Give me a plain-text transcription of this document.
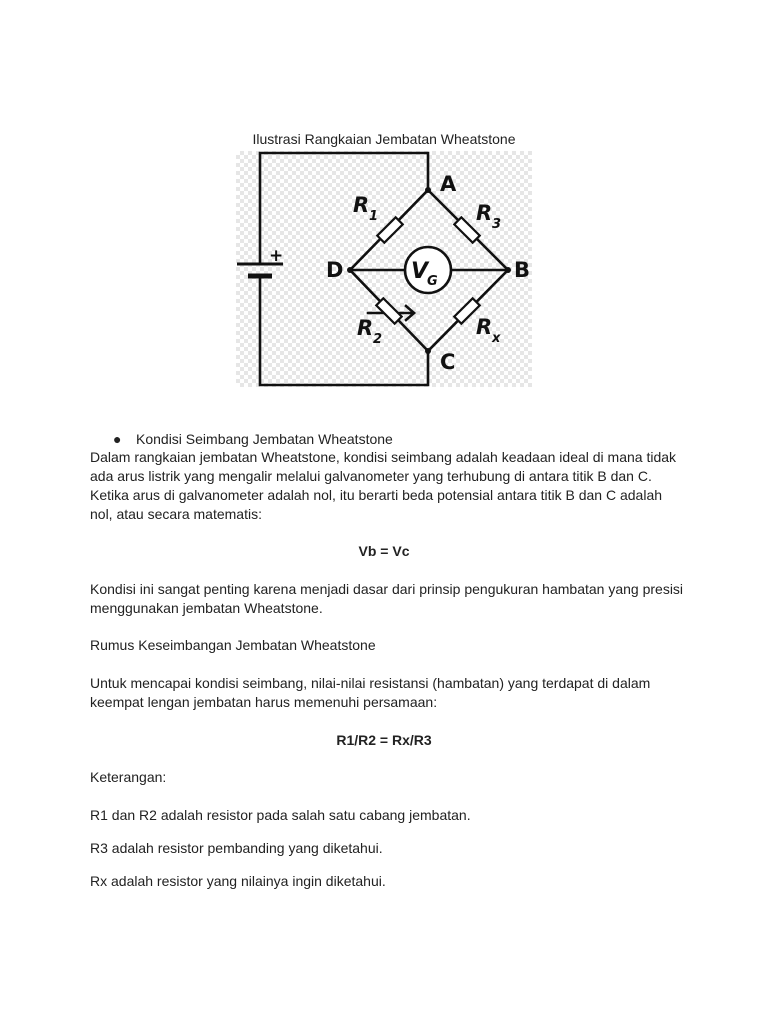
Ilustrasi Rangkaian Jembatan Wheatstone
+
V
G
A
B
C
D
R 1	R 3
R 2
R x
● Kondisi Seimbang Jembatan Wheatstone
Dalam rangkaian jembatan Wheatstone, kondisi seimbang adalah keadaan ideal di mana tidak
ada arus listrik yang mengalir melalui galvanometer yang terhubung di antara titik B dan C.
Ketika arus di galvanometer adalah nol, itu berarti beda potensial antara titik B dan C adalah
nol, atau secara matematis:
Vb = Vc
Kondisi ini sangat penting karena menjadi dasar dari prinsip pengukuran hambatan yang presisi
menggunakan jembatan Wheatstone.
Rumus Keseimbangan Jembatan Wheatstone
Untuk mencapai kondisi seimbang, nilai-nilai resistansi (hambatan) yang terdapat di dalam
keempat lengan jembatan harus memenuhi persamaan:
R1/R2 = Rx/R3
Keterangan:
R1 dan R2 adalah resistor pada salah satu cabang jembatan.
R3 adalah resistor pembanding yang diketahui.
Rx adalah resistor yang nilainya ingin diketahui.
